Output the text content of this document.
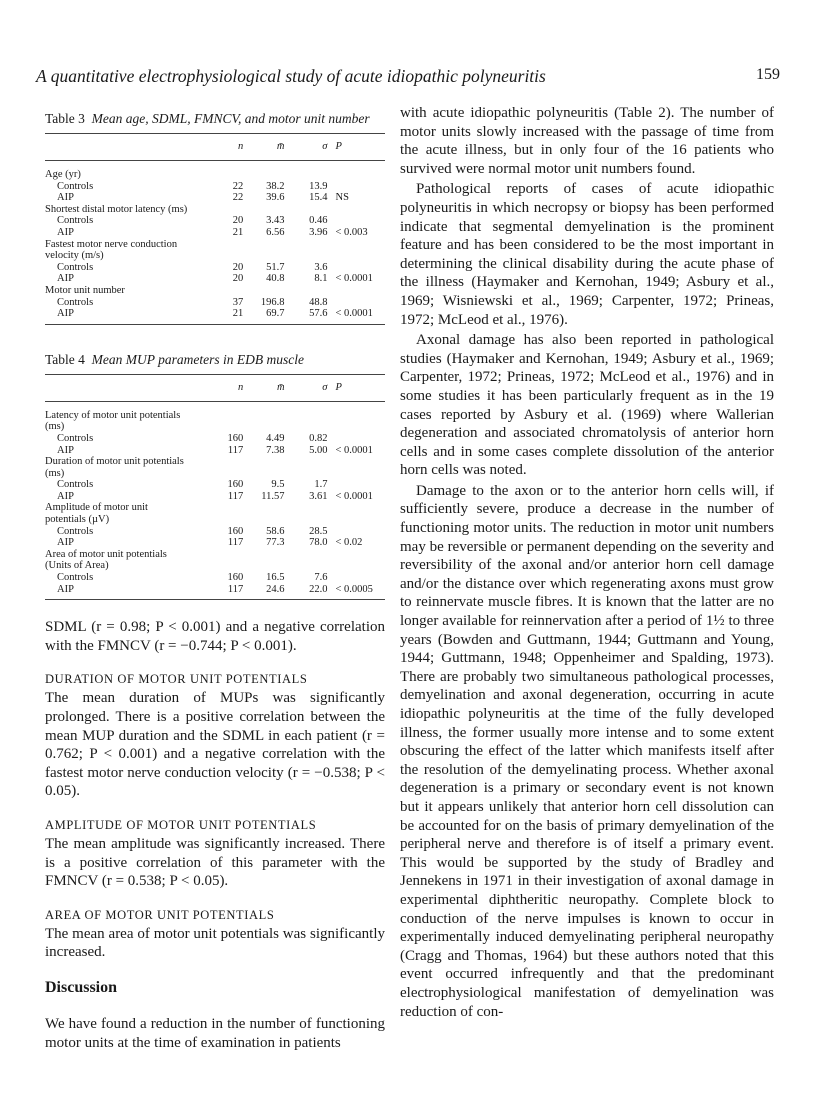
A quantitative electrophysiological study of acute idiopathic polyneuritis	159

Table 3 Mean age, SDML, FMNCV, and motor unit number

	n	m̄	σ	P
Age (yr)				
Controls	22	38.2	13.9	
AIP	22	39.6	15.4	NS
Shortest distal motor latency (ms)				
Controls	20	3.43	0.46	
AIP	21	6.56	3.96	< 0.003
Fastest motor nerve conduction				
velocity (m/s)				
Controls	20	51.7	3.6	
AIP	20	40.8	8.1	< 0.0001
Motor unit number				
Controls	37	196.8	48.8	
AIP	21	69.7	57.6	< 0.0001

Table 4 Mean MUP parameters in EDB muscle

	n	m̄	σ	P
Latency of motor unit potentials				
(ms)				
Controls	160	4.49	0.82	
AIP	117	7.38	5.00	< 0.0001
Duration of motor unit potentials				
(ms)				
Controls	160	9.5	1.7	
AIP	117	11.57	3.61	< 0.0001
Amplitude of motor unit				
potentials (µV)				
Controls	160	58.6	28.5	
AIP	117	77.3	78.0	< 0.02
Area of motor unit potentials				
(Units of Area)				
Controls	160	16.5	7.6	
AIP	117	24.6	22.0	< 0.0005

SDML (r = 0.98; P < 0.001) and a negative correlation with the FMNCV (r = −0.744; P < 0.001).

DURATION OF MOTOR UNIT POTENTIALS

The mean duration of MUPs was significantly prolonged. There is a positive correlation between the mean MUP duration and the SDML in each patient (r = 0.762; P < 0.001) and a negative correlation with the fastest motor nerve conduction velocity (r = −0.538; P < 0.05).

AMPLITUDE OF MOTOR UNIT POTENTIALS

The mean amplitude was significantly increased. There is a positive correlation of this parameter with the FMNCV (r = 0.538; P < 0.05).

AREA OF MOTOR UNIT POTENTIALS

The mean area of motor unit potentials was significantly increased.

Discussion

We have found a reduction in the number of functioning motor units at the time of examination in patients

with acute idiopathic polyneuritis (Table 2). The number of motor units slowly increased with the passage of time from the acute illness, but in only four of the 16 patients who survived were normal motor unit numbers found.

Pathological reports of cases of acute idiopathic polyneuritis in which necropsy or biopsy has been performed indicate that segmental demyelination is the prominent feature and has been considered to be the most important in determining the clinical disability during the acute phase of the illness (Haymaker and Kernohan, 1949; Asbury et al., 1969; Wisniewski et al., 1969; Carpenter, 1972; Prineas, 1972; McLeod et al., 1976).

Axonal damage has also been reported in pathological studies (Haymaker and Kernohan, 1949; Asbury et al., 1969; Carpenter, 1972; Prineas, 1972; McLeod et al., 1976) and in some studies it has been particularly frequent as in the 19 cases reported by Asbury et al. (1969) where Wallerian degeneration and associated chromatolysis of anterior horn cells and in some cases complete dissolution of the anterior horn cells was noted.

Damage to the axon or to the anterior horn cells will, if sufficiently severe, produce a decrease in the number of functioning motor units. The reduction in motor unit numbers may be reversible or permanent depending on the severity and reversibility of the axonal and/or anterior horn cell damage and/or the distance over which regenerating axons must grow to reinnervate muscle fibres. It is known that the latter are no longer available for reinnervation after a period of 1½ to three years (Bowden and Guttmann, 1944; Guttmann and Young, 1944; Guttmann, 1948; Oppenheimer and Spalding, 1973). There are probably two simultaneous pathological processes, demyelination and axonal degeneration, occurring in acute idiopathic polyneuritis at the time of the fully developed illness, the former usually more intense and to some extent obscuring the effect of the latter which manifests itself after the resolution of the demyelinating process. Whether axonal degeneration is a primary or secondary event is not known but it appears unlikely that anterior horn cell dissolution can be accounted for on the basis of primary demyelination of the peripheral nerve and therefore is of itself a primary event. This would be supported by the study of Bradley and Jennekens in 1971 in their investigation of axonal damage in experimental diphtheritic neuropathy. Complete block to conduction of the nerve impulses is known to occur in experimentally induced demyelinating peripheral neuropathy (Cragg and Thomas, 1964) but these authors noted that this event occurred infrequently and that the predominant electrophysiological manifestation of demyelination was reduction of con-
